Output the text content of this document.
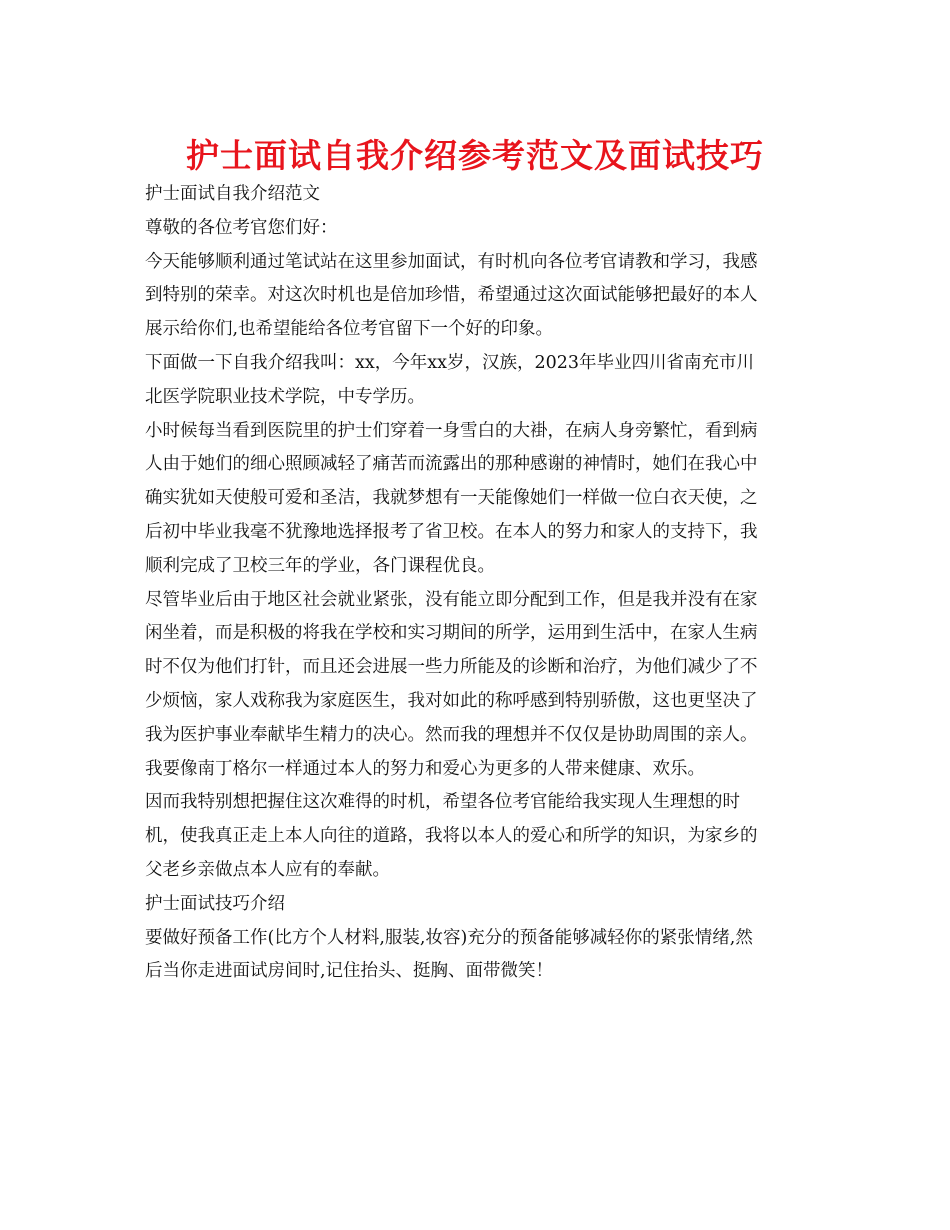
护士面试自我介绍参考范文及面试技巧
护士面试自我介绍范文
尊敬的各位考官您们好：
今天能够顺利通过笔试站在这里参加面试，有时机向各位考官请教和学习，我感
到特别的荣幸。对这次时机也是倍加珍惜，希望通过这次面试能够把最好的本人
展示给你们,也希望能给各位考官留下一个好的印象。
下面做一下自我介绍我叫：xx，今年xx岁，汉族，2023年毕业四川省南充市川
北医学院职业技术学院，中专学历。
小时候每当看到医院里的护士们穿着一身雪白的大褂，在病人身旁繁忙，看到病
人由于她们的细心照顾减轻了痛苦而流露出的那种感谢的神情时，她们在我心中
确实犹如天使般可爱和圣洁，我就梦想有一天能像她们一样做一位白衣天使，之
后初中毕业我毫不犹豫地选择报考了省卫校。在本人的努力和家人的支持下，我
顺利完成了卫校三年的学业，各门课程优良。
尽管毕业后由于地区社会就业紧张，没有能立即分配到工作，但是我并没有在家
闲坐着，而是积极的将我在学校和实习期间的所学，运用到生活中，在家人生病
时不仅为他们打针，而且还会进展一些力所能及的诊断和治疗，为他们减少了不
少烦恼，家人戏称我为家庭医生，我对如此的称呼感到特别骄傲，这也更坚决了
我为医护事业奉献毕生精力的决心。然而我的理想并不仅仅是协助周围的亲人。
我要像南丁格尔一样通过本人的努力和爱心为更多的人带来健康、欢乐。
因而我特别想把握住这次难得的时机，希望各位考官能给我实现人生理想的时
机，使我真正走上本人向往的道路，我将以本人的爱心和所学的知识，为家乡的
父老乡亲做点本人应有的奉献。
护士面试技巧介绍
要做好预备工作(比方个人材料,服装,妆容)充分的预备能够减轻你的紧张情绪,然
后当你走进面试房间时,记住抬头、挺胸、面带微笑！
